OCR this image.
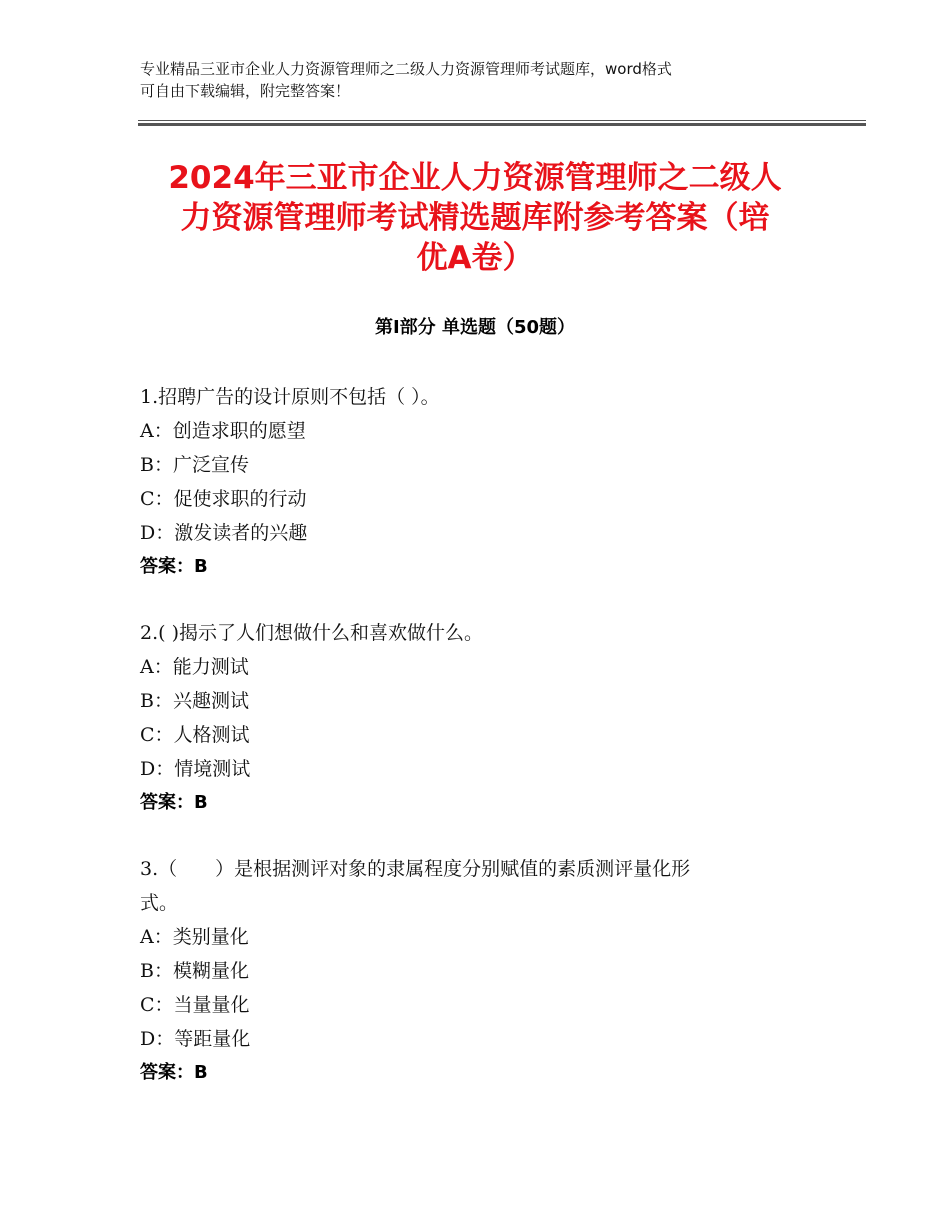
专业精品三亚市企业人力资源管理师之二级人力资源管理师考试题库，word格式
可自由下载编辑，附完整答案！
2024年三亚市企业人力资源管理师之二级人
力资源管理师考试精选题库附参考答案（培
优A卷）
第Ⅰ部分 单选题（50题）
1.招聘广告的设计原则不包括（ ）。
A：创造求职的愿望
B：广泛宣传
C：促使求职的行动
D：激发读者的兴趣
答案：B
2.( )揭示了人们想做什么和喜欢做什么。
A：能力测试
B：兴趣测试
C：人格测试
D：情境测试
答案：B
3.（　　）是根据测评对象的隶属程度分别赋值的素质测评量化形
式。
A：类别量化
B：模糊量化
C：当量量化
D：等距量化
答案：B
